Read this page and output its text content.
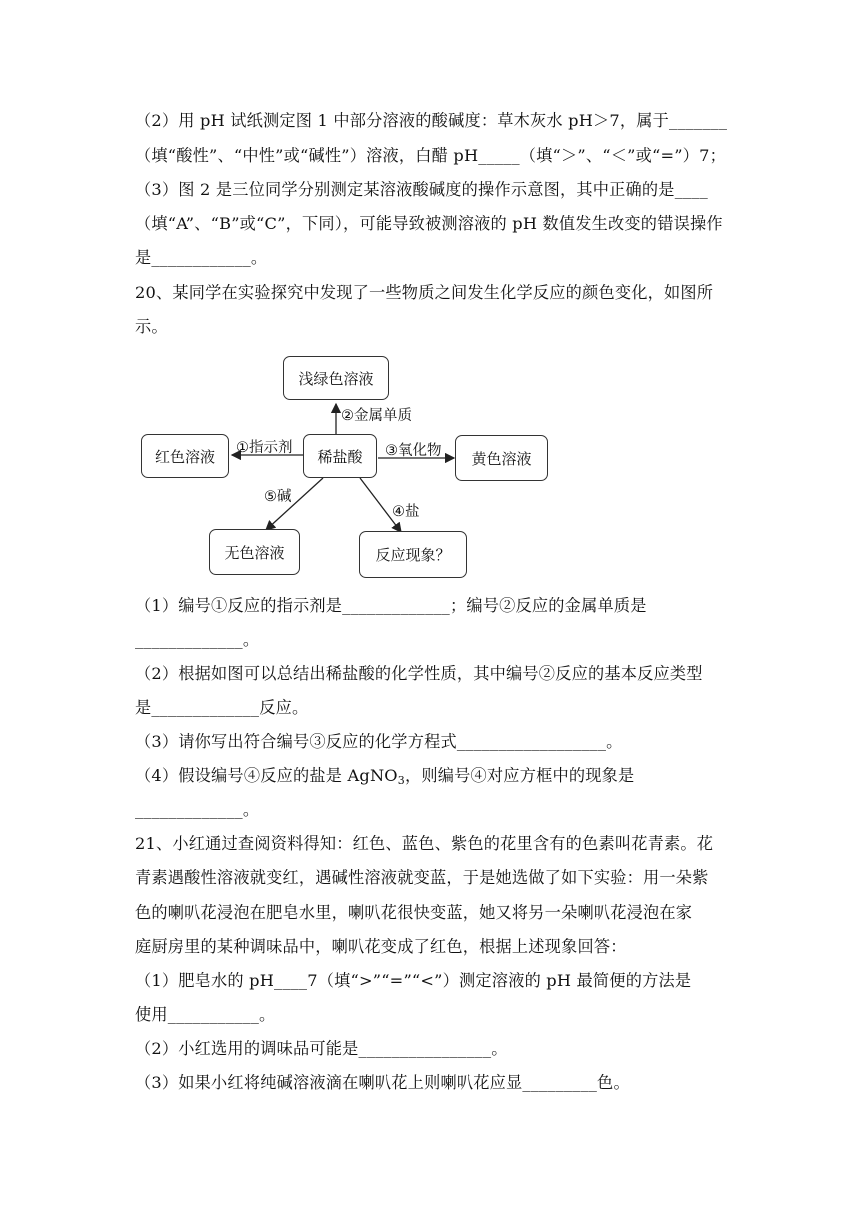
（2）用 pH 试纸测定图 1 中部分溶液的酸碱度：草木灰水 pH＞7，属于_______
（填“酸性”、“中性”或“碱性”）溶液，白醋 pH_____（填“＞”、“＜”或“=”）7；
（3）图 2 是三位同学分别测定某溶液酸碱度的操作示意图，其中正确的是____
（填“A”、“B”或“C”，下同），可能导致被测溶液的 pH 数值发生改变的错误操作
是____________。
20、某同学在实验探究中发现了一些物质之间发生化学反应的颜色变化，如图所
示。
浅绿色溶液
红色溶液	稀盐酸	黄色溶液
无色溶液	反应现象？
②金属单质
①指示剂	③氧化物
⑤碱
④盐
（1）编号①反应的指示剂是_____________；编号②反应的金属单质是
_____________。
（2）根据如图可以总结出稀盐酸的化学性质，其中编号②反应的基本反应类型
是_____________反应。
（3）请你写出符合编号③反应的化学方程式__________________。
（4）假设编号④反应的盐是 AgNO$_3$，则编号④对应方框中的现象是
_____________。
21、小红通过查阅资料得知：红色、蓝色、紫色的花里含有的色素叫花青素。花
青素遇酸性溶液就变红，遇碱性溶液就变蓝，于是她选做了如下实验：用一朵紫
色的喇叭花浸泡在肥皂水里，喇叭花很快变蓝，她又将另一朵喇叭花浸泡在家
庭厨房里的某种调味品中，喇叭花变成了红色，根据上述现象回答：
（1）肥皂水的 pH____7（填“>”“=”“<”）测定溶液的 pH 最简便的方法是
使用___________。
（2）小红选用的调味品可能是________________。
（3）如果小红将纯碱溶液滴在喇叭花上则喇叭花应显_________色。
